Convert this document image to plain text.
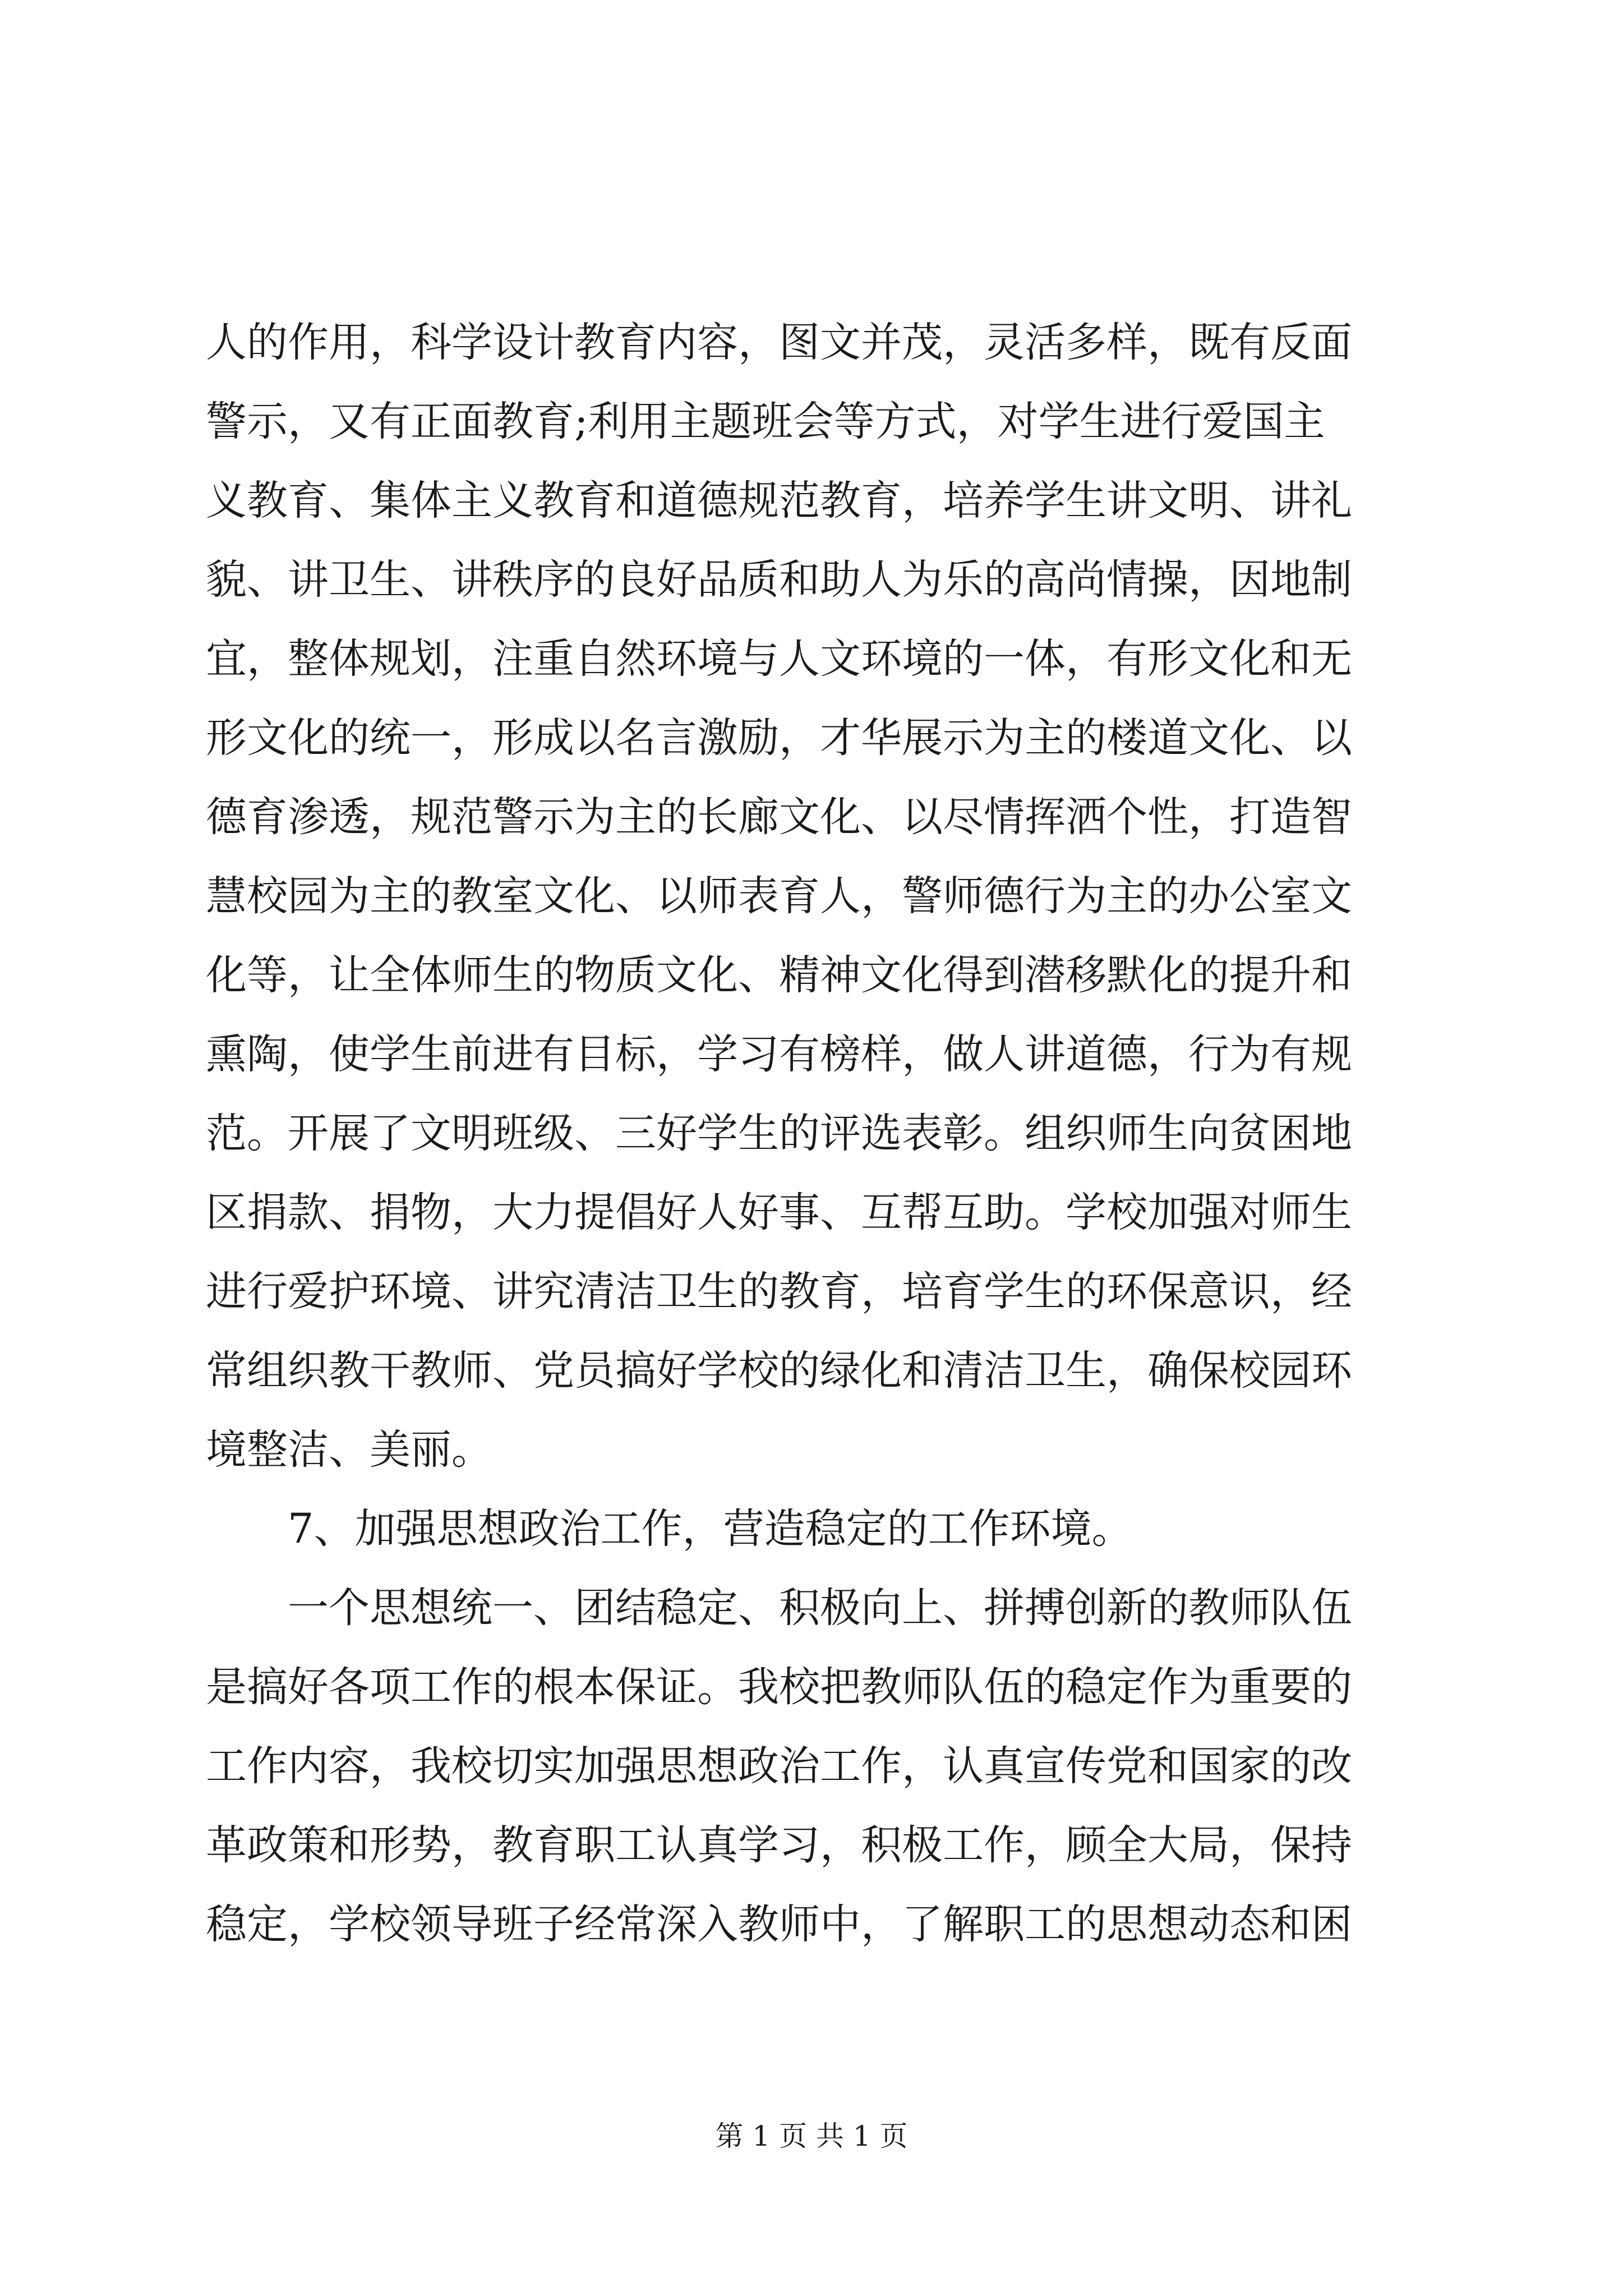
人的作用，科学设计教育内容，图文并茂，灵活多样，既有反面
警示，又有正面教育;利用主题班会等方式，对学生进行爱国主
义教育、集体主义教育和道德规范教育，培养学生讲文明、讲礼
貌、讲卫生、讲秩序的良好品质和助人为乐的高尚情操，因地制
宜，整体规划，注重自然环境与人文环境的一体，有形文化和无
形文化的统一，形成以名言激励，才华展示为主的楼道文化、以
德育渗透，规范警示为主的长廊文化、以尽情挥洒个性，打造智
慧校园为主的教室文化、以师表育人，警师德行为主的办公室文
化等，让全体师生的物质文化、精神文化得到潜移默化的提升和
熏陶，使学生前进有目标，学习有榜样，做人讲道德，行为有规
范。开展了文明班级、三好学生的评选表彰。组织师生向贫困地
区捐款、捐物，大力提倡好人好事、互帮互助。学校加强对师生
进行爱护环境、讲究清洁卫生的教育，培育学生的环保意识，经
常组织教干教师、党员搞好学校的绿化和清洁卫生，确保校园环
境整洁、美丽。
7、加强思想政治工作，营造稳定的工作环境。
一个思想统一、团结稳定、积极向上、拼搏创新的教师队伍
是搞好各项工作的根本保证。我校把教师队伍的稳定作为重要的
工作内容，我校切实加强思想政治工作，认真宣传党和国家的改
革政策和形势，教育职工认真学习，积极工作，顾全大局，保持
稳定，学校领导班子经常深入教师中，了解职工的思想动态和困
第 1 页 共 1 页
